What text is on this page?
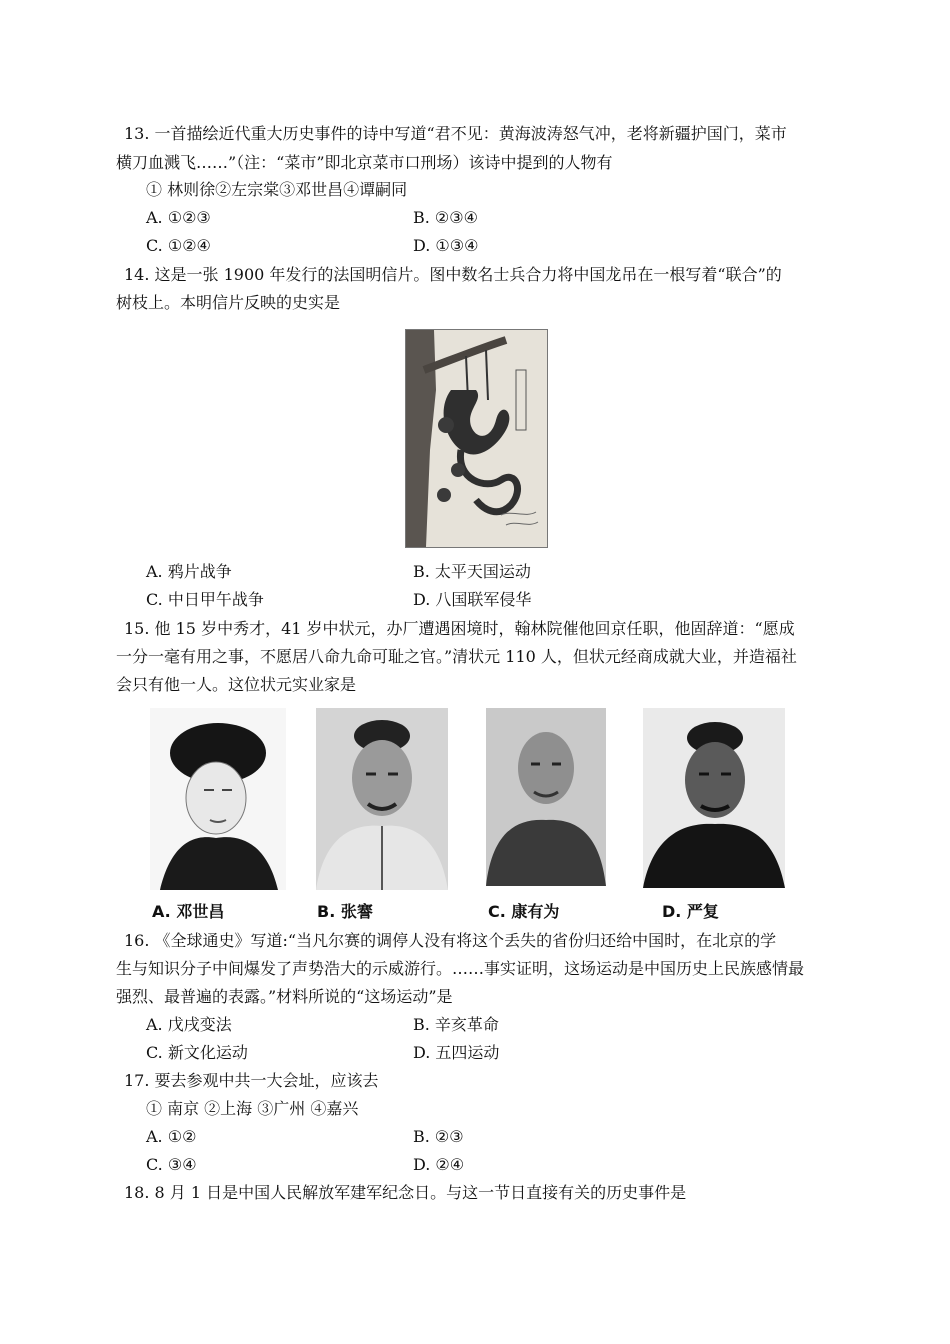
13. 一首描绘近代重大历史事件的诗中写道“君不见：黄海波涛怒气冲，老将新疆护国门，菜市
横刀血溅飞……”（注：“菜市”即北京菜市口刑场）该诗中提到的人物有
① 林则徐②左宗棠③邓世昌④谭嗣同
A. ①②③	B. ②③④
C. ①②④	D. ①③④
14. 这是一张 1900 年发行的法国明信片。图中数名士兵合力将中国龙吊在一根写着“联合”的
树枝上。本明信片反映的史实是
A. 鸦片战争	B. 太平天国运动
C. 中日甲午战争	D. 八国联军侵华
15. 他 15 岁中秀才，41 岁中状元，办厂遭遇困境时，翰林院催他回京任职，他固辞道：“愿成
一分一毫有用之事，不愿居八命九命可耻之官。”清状元 110 人，但状元经商成就大业，并造福社
会只有他一人。这位状元实业家是
A. 邓世昌	B. 张謇	C. 康有为	D. 严复
16. 《全球通史》写道:“当凡尔赛的调停人没有将这个丢失的省份归还给中国时，在北京的学
生与知识分子中间爆发了声势浩大的示威游行。……事实证明，这场运动是中国历史上民族感情最
强烈、最普遍的表露。”材料所说的“这场运动”是
A. 戊戌变法	B. 辛亥革命
C. 新文化运动	D. 五四运动
17. 要去参观中共一大会址，应该去
① 南京 ②上海 ③广州 ④嘉兴
A. ①②	B. ②③
C. ③④	D. ②④
18. 8 月 1 日是中国人民解放军建军纪念日。与这一节日直接有关的历史事件是
